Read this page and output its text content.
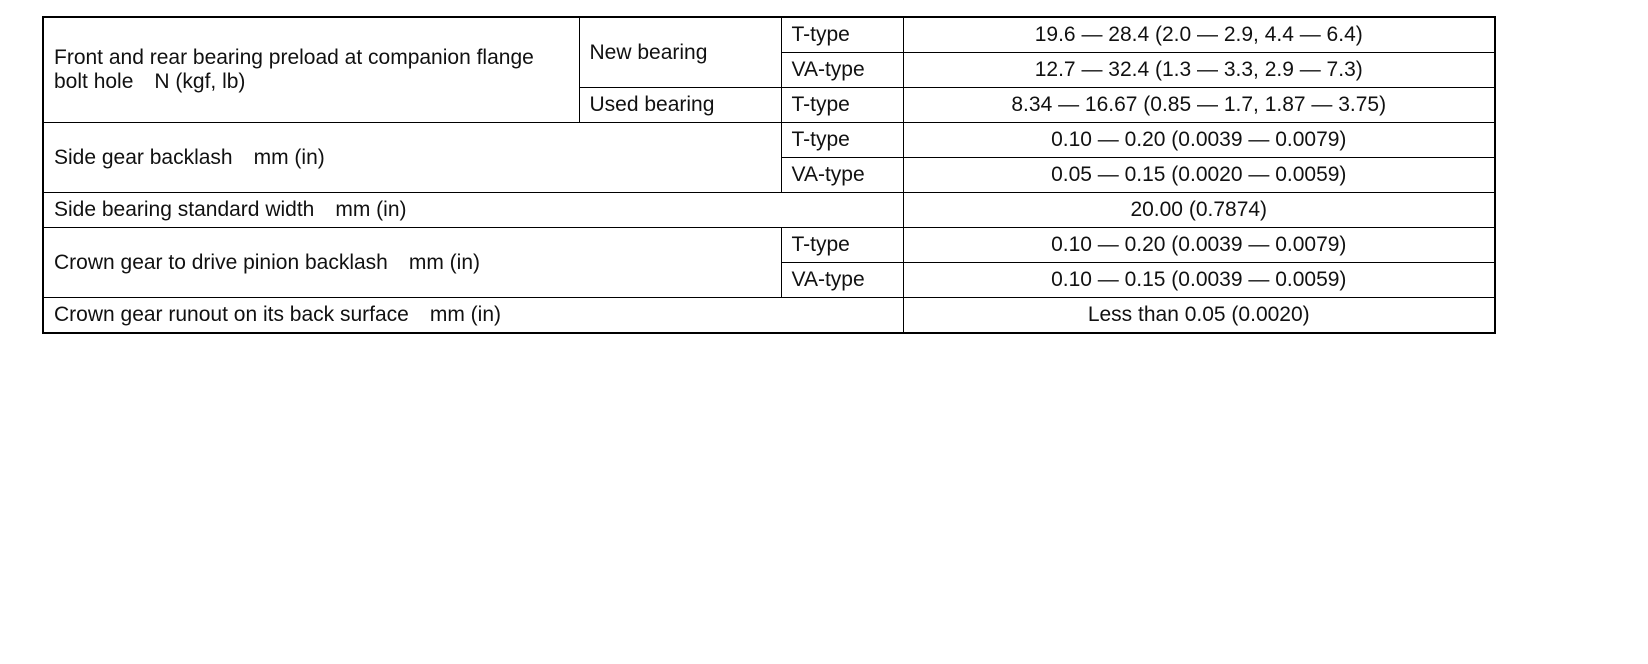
Front and rear bearing preload at companion flange bolt hole N (kgf, lb)	New bearing	T-type	19.6 — 28.4 (2.0 — 2.9, 4.4 — 6.4)
		VA-type	12.7 — 32.4 (1.3 — 3.3, 2.9 — 7.3)
	Used bearing	T-type	8.34 — 16.67 (0.85 — 1.7, 1.87 — 3.75)
Side gear backlash mm (in)		T-type	0.10 — 0.20 (0.0039 — 0.0079)
		VA-type	0.05 — 0.15 (0.0020 — 0.0059)
Side bearing standard width mm (in)			20.00 (0.7874)
Crown gear to drive pinion backlash mm (in)		T-type	0.10 — 0.20 (0.0039 — 0.0079)
		VA-type	0.10 — 0.15 (0.0039 — 0.0059)
Crown gear runout on its back surface mm (in)			Less than 0.05 (0.0020)
